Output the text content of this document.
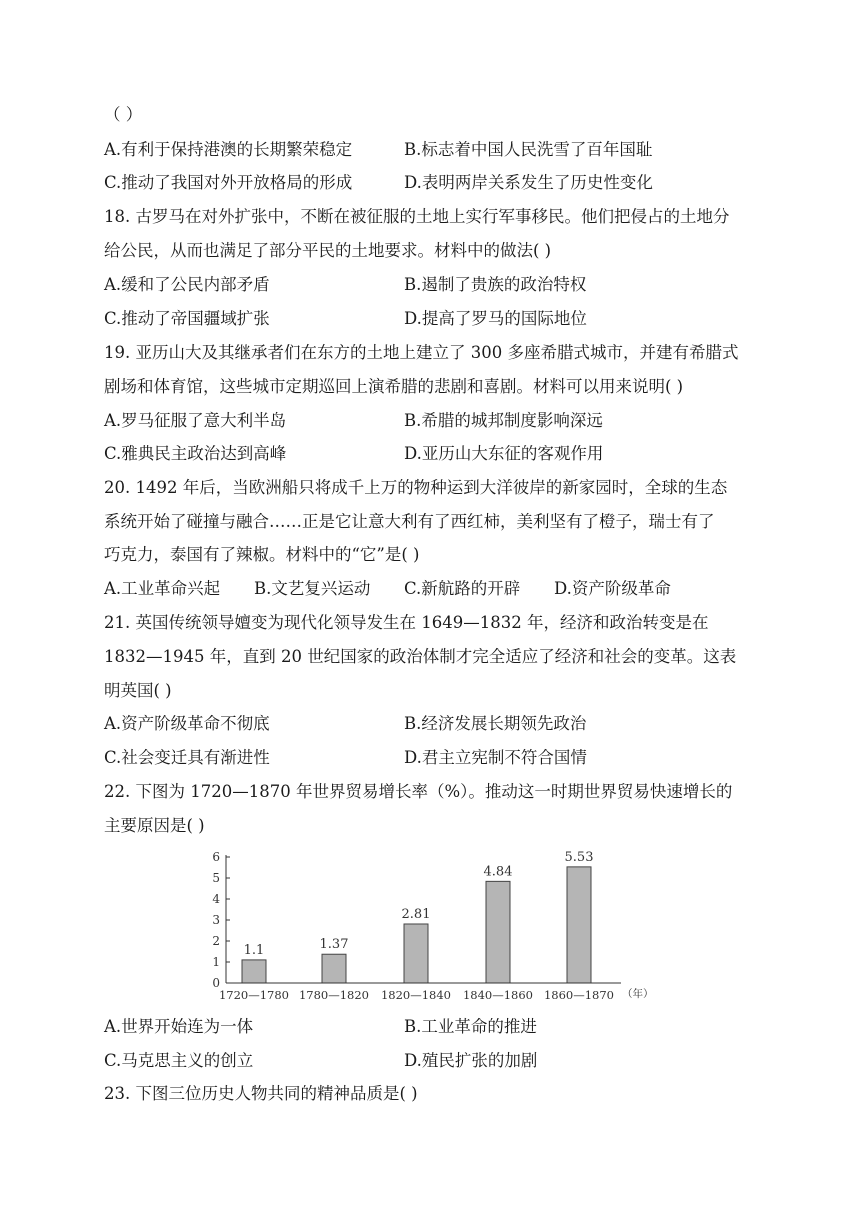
（ ）
A.有利于保持港澳的长期繁荣稳定	B.标志着中国人民洗雪了百年国耻
C.推动了我国对外开放格局的形成	D.表明两岸关系发生了历史性变化
18. 古罗马在对外扩张中，不断在被征服的土地上实行军事移民。他们把侵占的土地分
给公民，从而也满足了部分平民的土地要求。材料中的做法( )
A.缓和了公民内部矛盾	B.遏制了贵族的政治特权
C.推动了帝国疆域扩张	D.提高了罗马的国际地位
19. 亚历山大及其继承者们在东方的土地上建立了 300 多座希腊式城市，并建有希腊式
剧场和体育馆，这些城市定期巡回上演希腊的悲剧和喜剧。材料可以用来说明( )
A.罗马征服了意大利半岛	B.希腊的城邦制度影响深远
C.雅典民主政治达到高峰	D.亚历山大东征的客观作用
20. 1492 年后，当欧洲船只将成千上万的物种运到大洋彼岸的新家园时，全球的生态
系统开始了碰撞与融合……正是它让意大利有了西红柿，美利坚有了橙子，瑞士有了
巧克力，泰国有了辣椒。材料中的“它”是( )
A.工业革命兴起 B.文艺复兴运动 C.新航路的开辟 D.资产阶级革命
21. 英国传统领导嬗变为现代化领导发生在 1649—1832 年，经济和政治转变是在
1832—1945 年，直到 20 世纪国家的政治体制才完全适应了经济和社会的变革。这表
明英国( )
A.资产阶级革命不彻底	B.经济发展长期领先政治
C.社会变迁具有渐进性	D.君主立宪制不符合国情
22. 下图为 1720—1870 年世界贸易增长率（%）。推动这一时期世界贸易快速增长的
主要原因是( )
0
1
2
3
4
5
6
1.1	1.37
2.81
4.84
5.53
1720—1780 1780—1820 1820—1840 1840—1860 1860—1870 （年）
A.世界开始连为一体	B.工业革命的推进
C.马克思主义的创立	D.殖民扩张的加剧
23. 下图三位历史人物共同的精神品质是( )
